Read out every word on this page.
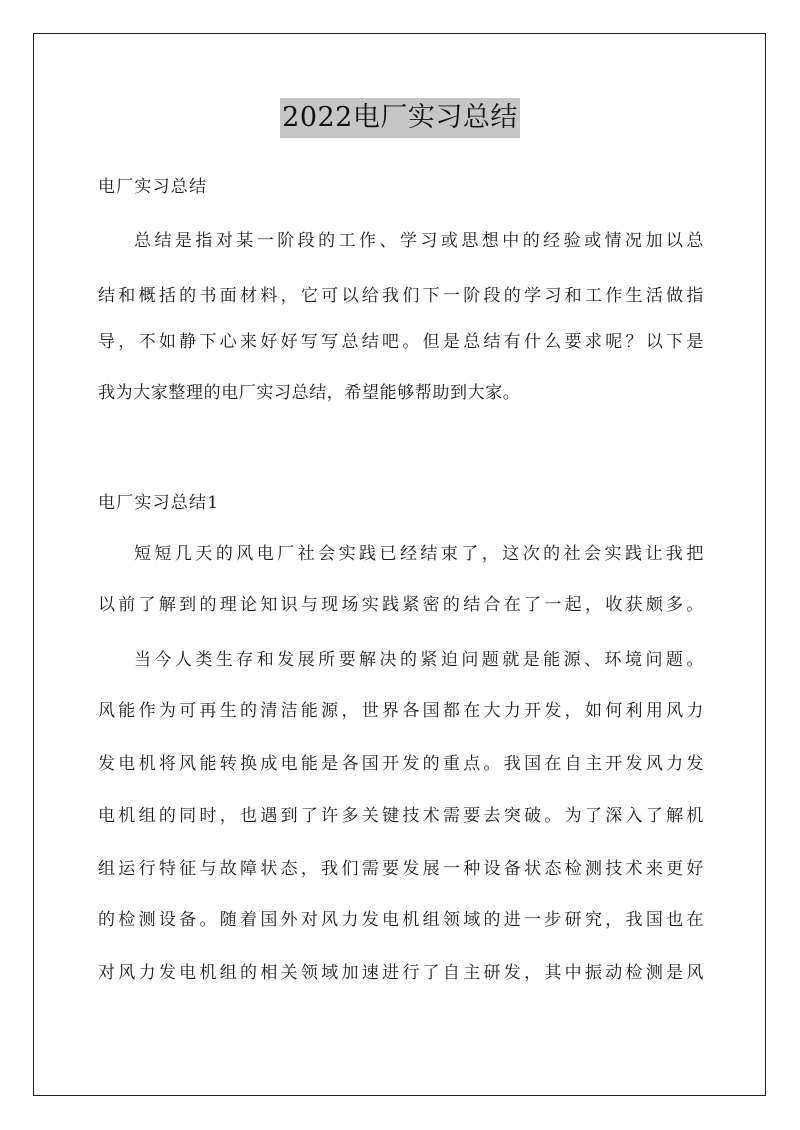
2022电厂实习总结
电厂实习总结
总结是指对某一阶段的工作、学习或思想中的经验或情况加以总
结和概括的书面材料，它可以给我们下一阶段的学习和工作生活做指
导，不如静下心来好好写写总结吧。但是总结有什么要求呢？以下是
我为大家整理的电厂实习总结，希望能够帮助到大家。
电厂实习总结1
短短几天的风电厂社会实践已经结束了，这次的社会实践让我把
以前了解到的理论知识与现场实践紧密的结合在了一起，收获颇多。
当今人类生存和发展所要解决的紧迫问题就是能源、环境问题。
风能作为可再生的清洁能源，世界各国都在大力开发，如何利用风力
发电机将风能转换成电能是各国开发的重点。我国在自主开发风力发
电机组的同时，也遇到了许多关键技术需要去突破。为了深入了解机
组运行特征与故障状态，我们需要发展一种设备状态检测技术来更好
的检测设备。随着国外对风力发电机组领域的进一步研究，我国也在
对风力发电机组的相关领域加速进行了自主研发，其中振动检测是风
